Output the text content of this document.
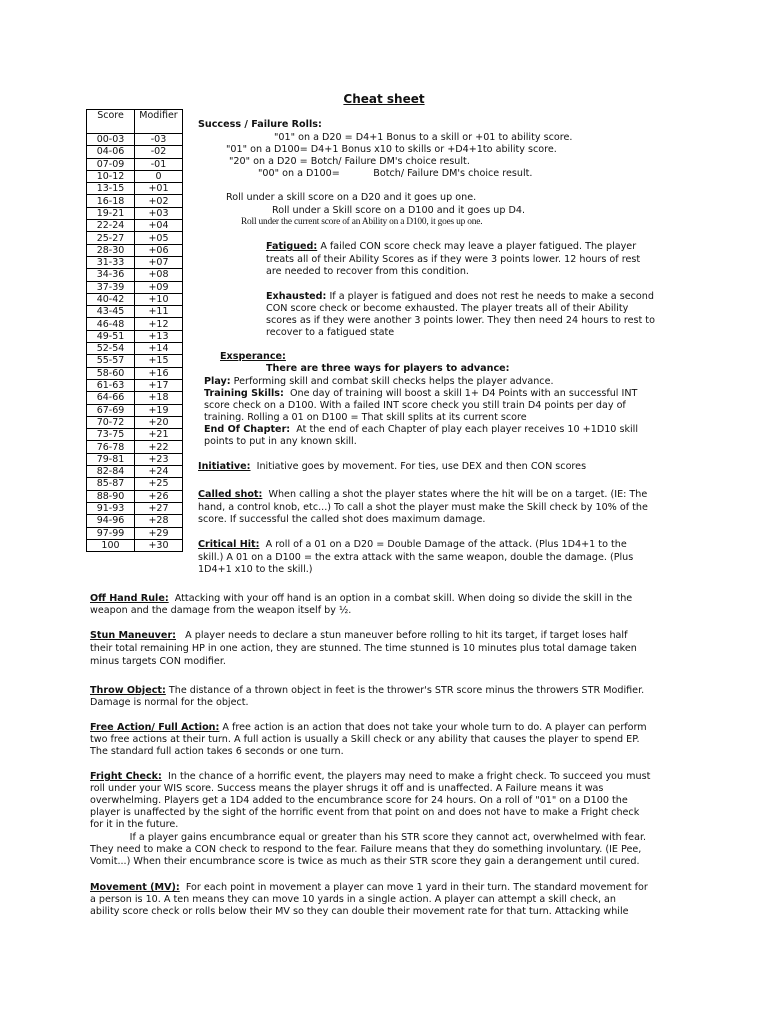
Cheat sheet
Score	Modifier

00-03	-03
04-06	-02
07-09	-01
10-12	0
13-15	+01
16-18	+02
19-21	+03
22-24	+04
25-27	+05
28-30	+06
31-33	+07
34-36	+08
37-39	+09
40-42	+10
43-45	+11
46-48	+12
49-51	+13
52-54	+14
55-57	+15
58-60	+16
61-63	+17
64-66	+18
67-69	+19
70-72	+20
73-75	+21
76-78	+22
79-81	+23
82-84	+24
85-87	+25
88-90	+26
91-93	+27
94-96	+28
97-99	+29
100	+30

Success / Failure Rolls:

"01" on a D20 = D4+1 Bonus to a skill or +01 to ability score.

"01" on a D100= D4+1 Bonus x10 to skills or +D4+1to ability score.

"20" on a D20 = Botch/ Failure DM's choice result.

"00" on a D100=           Botch/ Failure DM's choice result.

Roll under a skill score on a D20 and it goes up one.

Roll under a Skill score on a D100 and it goes up D4.

Roll under the current score of an Ability on a D100, it goes up one.

Fatigued: A failed CON score check may leave a player fatigued. The player

treats all of their Ability Scores as if they were 3 points lower. 12 hours of rest

are needed to recover from this condition.

Exhausted: If a player is fatigued and does not rest he needs to make a second

CON score check or become exhausted. The player treats all of their Ability

scores as if they were another 3 points lower. They then need 24 hours to rest to

recover to a fatigued state

Exsperance:

There are three ways for players to advance:

Play: Performing skill and combat skill checks helps the player advance.

Training Skills: One day of training will boost a skill 1+ D4 Points with an successful INT

score check on a D100. With a failed INT score check you still train D4 points per day of

training. Rolling a 01 on D100 = That skill splits at its current score

End Of Chapter: At the end of each Chapter of play each player receives 10 +1D10 skill

points to put in any known skill.

Initiative: Initiative goes by movement. For ties, use DEX and then CON scores

Called shot: When calling a shot the player states where the hit will be on a target. (IE: The

hand, a control knob, etc...) To call a shot the player must make the Skill check by 10% of the

score. If successful the called shot does maximum damage.

Critical Hit: A roll of a 01 on a D20 = Double Damage of the attack. (Plus 1D4+1 to the

skill.) A 01 on a D100 = the extra attack with the same weapon, double the damage. (Plus

1D4+1 x10 to the skill.)

Off Hand Rule: Attacking with your off hand is an option in a combat skill. When doing so divide the skill in the

weapon and the damage from the weapon itself by ½.

Stun Maneuver: A player needs to declare a stun maneuver before rolling to hit its target, if target loses half

their total remaining HP in one action, they are stunned. The time stunned is 10 minutes plus total damage taken

minus targets CON modifier.

Throw Object: The distance of a thrown object in feet is the thrower's STR score minus the throwers STR Modifier.

Damage is normal for the object.

Free Action/ Full Action: A free action is an action that does not take your whole turn to do. A player can perform

two free actions at their turn. A full action is usually a Skill check or any ability that causes the player to spend EP.

The standard full action takes 6 seconds or one turn.

Fright Check: In the chance of a horrific event, the players may need to make a fright check. To succeed you must

roll under your WIS score. Success means the player shrugs it off and is unaffected. A Failure means it was

overwhelming. Players get a 1D4 added to the encumbrance score for 24 hours. On a roll of "01" on a D100 the

player is unaffected by the sight of the horrific event from that point on and does not have to make a Fright check

for it in the future.

If a player gains encumbrance equal or greater than his STR score they cannot act, overwhelmed with fear.

They need to make a CON check to respond to the fear. Failure means that they do something involuntary. (IE Pee,

Vomit...) When their encumbrance score is twice as much as their STR score they gain a derangement until cured.

Movement (MV): For each point in movement a player can move 1 yard in their turn. The standard movement for

a person is 10. A ten means they can move 10 yards in a single action. A player can attempt a skill check, an

ability score check or rolls below their MV so they can double their movement rate for that turn. Attacking while
